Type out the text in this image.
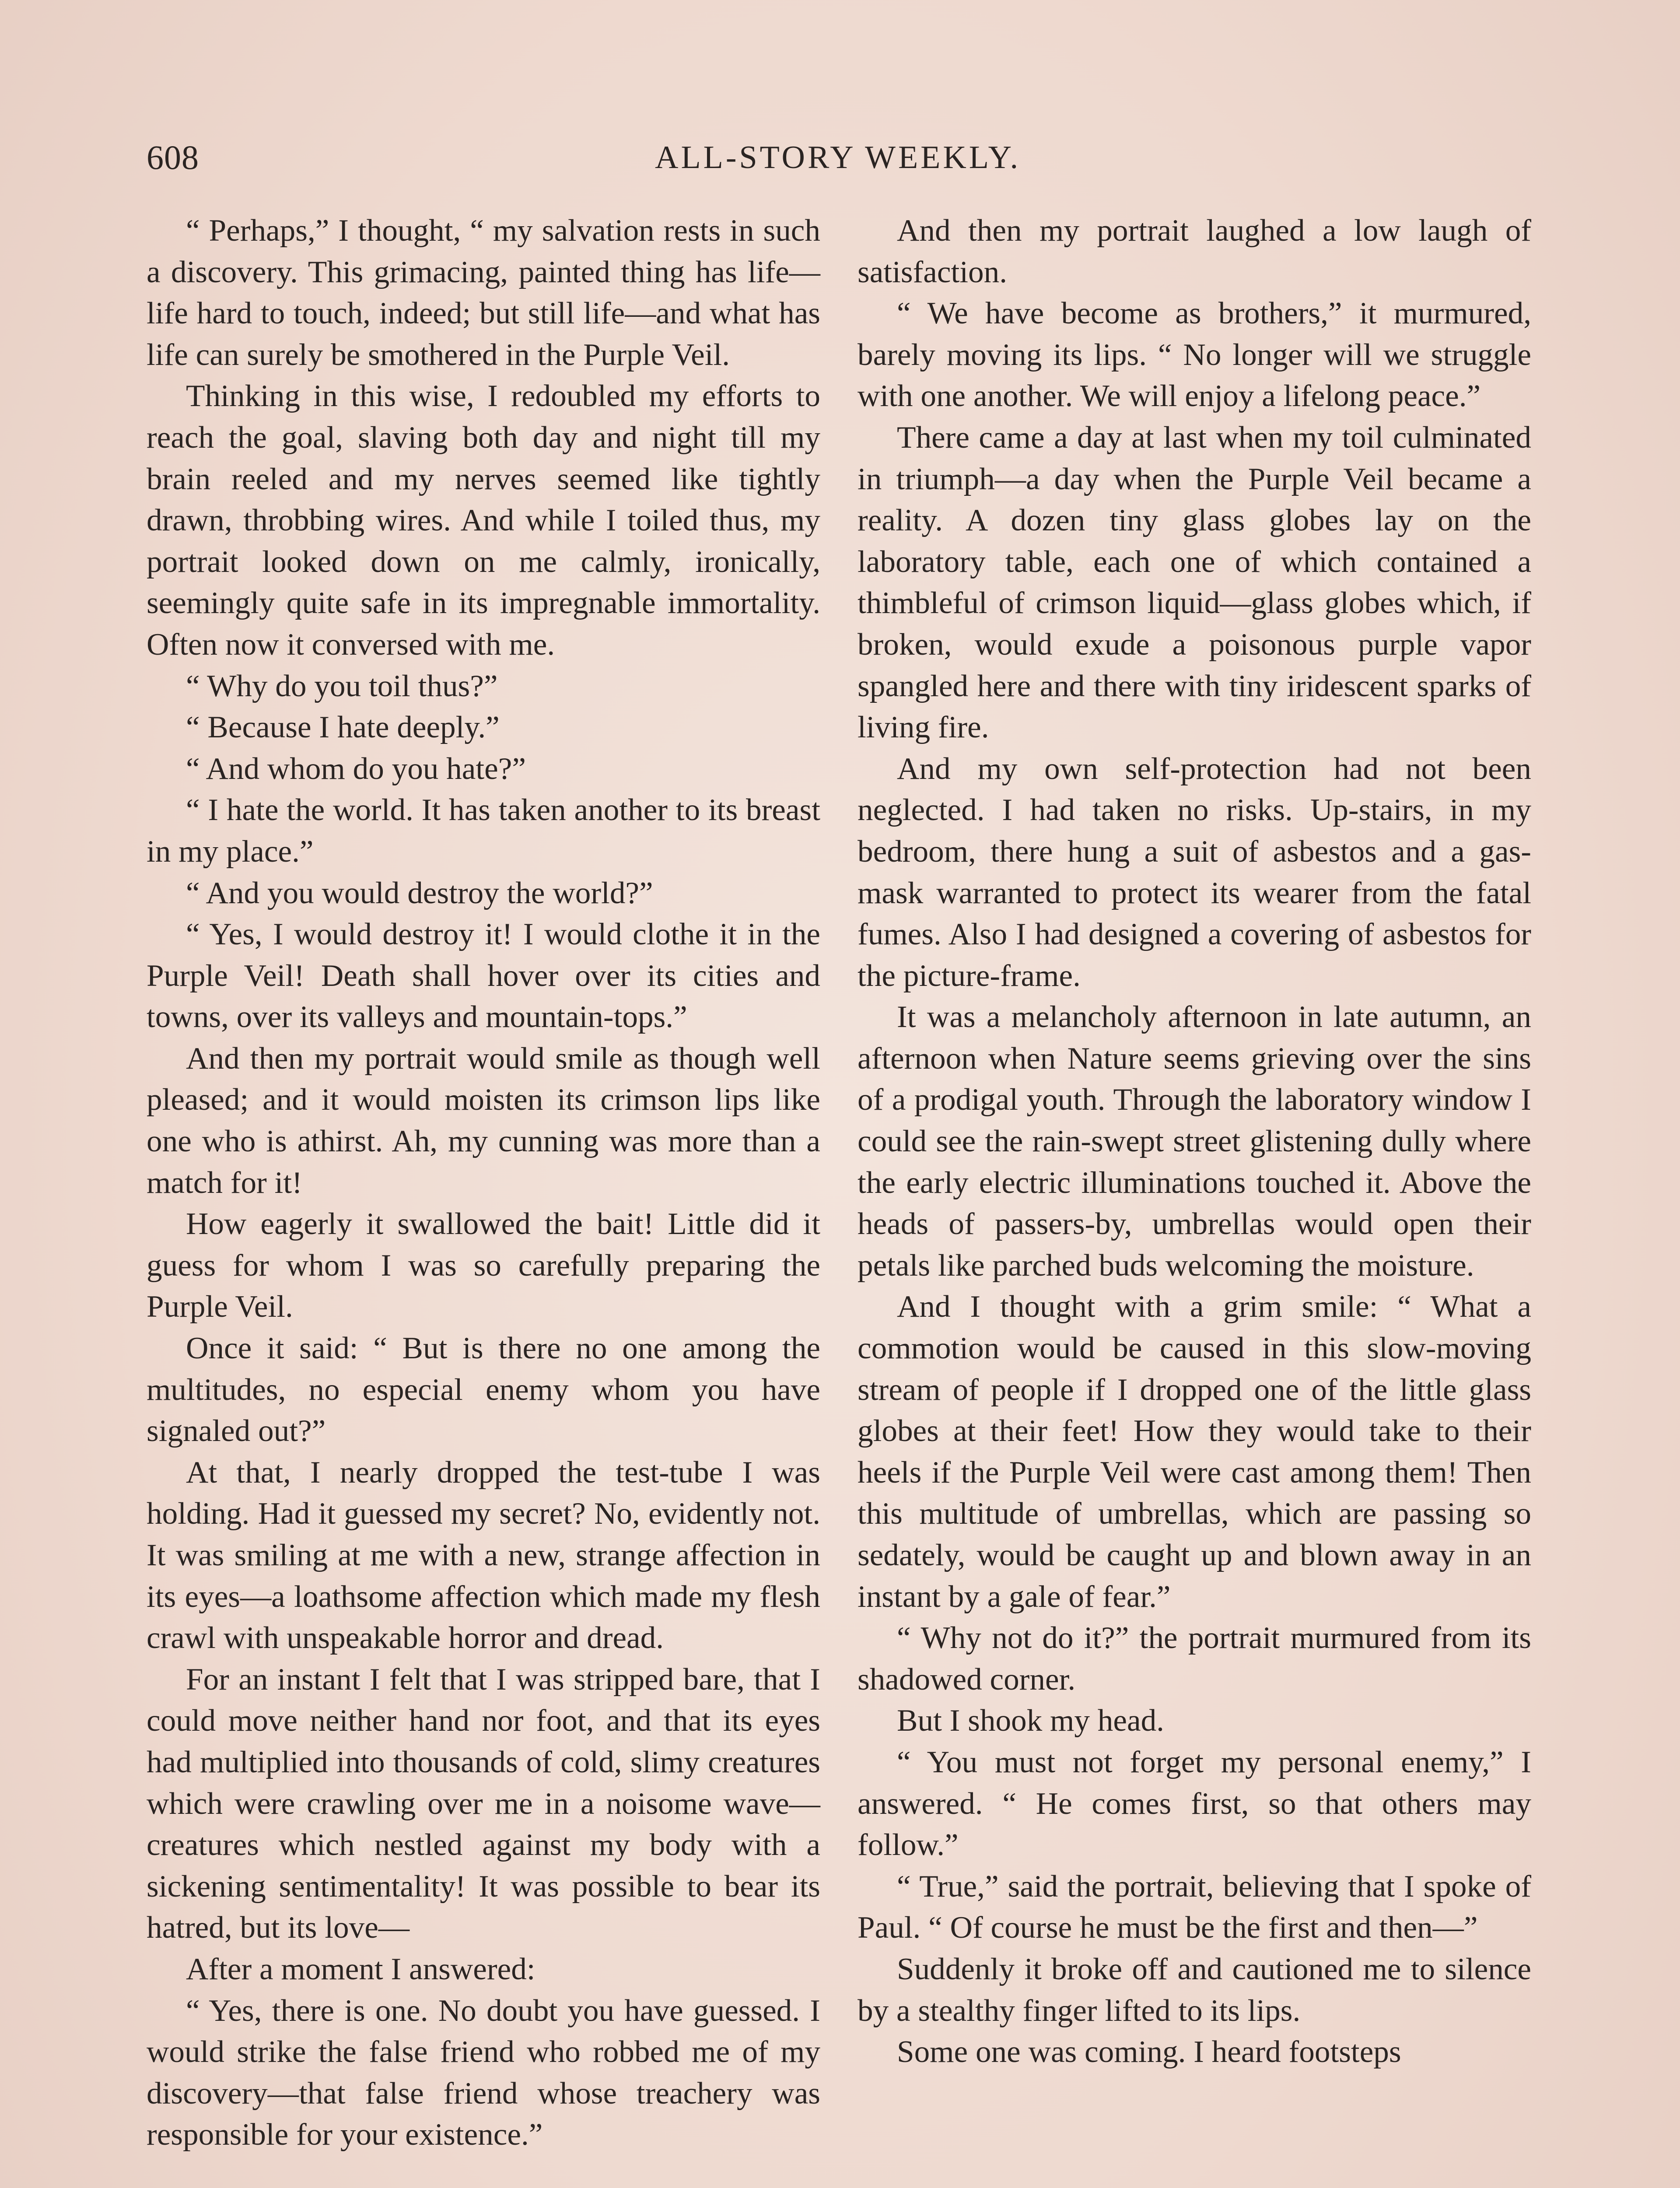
608	ALL-STORY WEEKLY.

“ Perhaps,” I thought, “ my salvation rests in such a discovery. This grimacing, painted thing has life—life hard to touch, indeed; but still life—and what has life can surely be smothered in the Purple Veil.

Thinking in this wise, I redoubled my efforts to reach the goal, slaving both day and night till my brain reeled and my nerves seemed like tightly drawn, throbbing wires. And while I toiled thus, my portrait looked down on me calmly, ironically, seemingly quite safe in its impregnable immortality. Often now it conversed with me.

“ Why do you toil thus?”

“ Because I hate deeply.”

“ And whom do you hate?”

“ I hate the world. It has taken another to its breast in my place.”

“ And you would destroy the world?”

“ Yes, I would destroy it! I would clothe it in the Purple Veil! Death shall hover over its cities and towns, over its valleys and mountain-tops.”

And then my portrait would smile as though well pleased; and it would moisten its crimson lips like one who is athirst. Ah, my cunning was more than a match for it!

How eagerly it swallowed the bait! Little did it guess for whom I was so carefully preparing the Purple Veil.

Once it said: “ But is there no one among the multitudes, no especial enemy whom you have signaled out?”

At that, I nearly dropped the test-tube I was holding. Had it guessed my secret? No, evidently not. It was smiling at me with a new, strange affection in its eyes—a loathsome affection which made my flesh crawl with unspeakable horror and dread.

For an instant I felt that I was stripped bare, that I could move neither hand nor foot, and that its eyes had multiplied into thousands of cold, slimy creatures which were crawling over me in a noisome wave—creatures which nestled against my body with a sickening sentimentality! It was possible to bear its hatred, but its love—

After a moment I answered:

“ Yes, there is one. No doubt you have guessed. I would strike the false friend who robbed me of my discovery—that false friend whose treachery was responsible for your existence.”

And then my portrait laughed a low laugh of satisfaction.

“ We have become as brothers,” it murmured, barely moving its lips. “ No longer will we struggle with one another. We will enjoy a lifelong peace.”

There came a day at last when my toil culminated in triumph—a day when the Purple Veil became a reality. A dozen tiny glass globes lay on the laboratory table, each one of which contained a thimbleful of crimson liquid—glass globes which, if broken, would exude a poisonous purple vapor spangled here and there with tiny iridescent sparks of living fire.

And my own self-protection had not been neglected. I had taken no risks. Up-stairs, in my bedroom, there hung a suit of asbestos and a gas-mask warranted to protect its wearer from the fatal fumes. Also I had designed a covering of asbestos for the picture-frame.

It was a melancholy afternoon in late autumn, an afternoon when Nature seems grieving over the sins of a prodigal youth. Through the laboratory window I could see the rain-swept street glistening dully where the early electric illuminations touched it. Above the heads of passers-by, umbrellas would open their petals like parched buds welcoming the moisture.

And I thought with a grim smile: “ What a commotion would be caused in this slow-moving stream of people if I dropped one of the little glass globes at their feet! How they would take to their heels if the Purple Veil were cast among them! Then this multitude of umbrellas, which are passing so sedately, would be caught up and blown away in an instant by a gale of fear.”

“ Why not do it?” the portrait murmured from its shadowed corner.

But I shook my head.

“ You must not forget my personal enemy,” I answered. “ He comes first, so that others may follow.”

“ True,” said the portrait, believing that I spoke of Paul. “ Of course he must be the first and then—”

Suddenly it broke off and cautioned me to silence by a stealthy finger lifted to its lips.

Some one was coming. I heard footsteps
